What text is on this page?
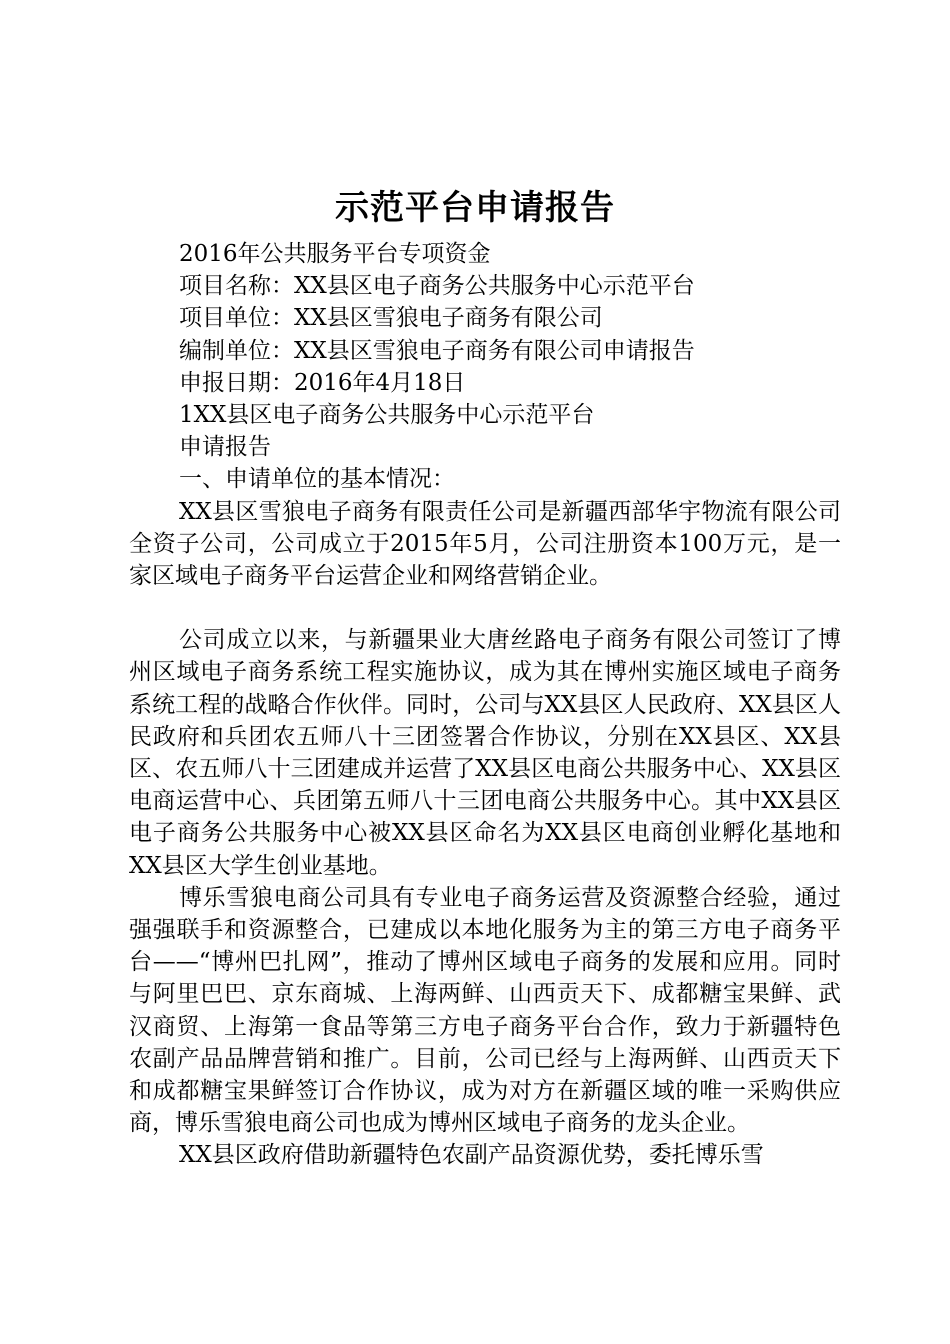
示范平台申请报告

2016年公共服务平台专项资金

项目名称：XX县区电子商务公共服务中心示范平台

项目单位：XX县区雪狼电子商务有限公司

编制单位：XX县区雪狼电子商务有限公司申请报告

申报日期：2016年4月18日

1XX县区电子商务公共服务中心示范平台

申请报告

一、申请单位的基本情况：

XX县区雪狼电子商务有限责任公司是新疆西部华宇物流有限公司全资子公司，公司成立于2015年5月，公司注册资本100万元，是一家区域电子商务平台运营企业和网络营销企业。

公司成立以来，与新疆果业大唐丝路电子商务有限公司签订了博州区域电子商务系统工程实施协议，成为其在博州实施区域电子商务系统工程的战略合作伙伴。同时，公司与XX县区人民政府、XX县区人民政府和兵团农五师八十三团签署合作协议，分别在XX县区、XX县区、农五师八十三团建成并运营了XX县区电商公共服务中心、XX县区电商运营中心、兵团第五师八十三团电商公共服务中心。其中XX县区电子商务公共服务中心被XX县区命名为XX县区电商创业孵化基地和XX县区大学生创业基地。

博乐雪狼电商公司具有专业电子商务运营及资源整合经验，通过强强联手和资源整合，已建成以本地化服务为主的第三方电子商务平台——“博州巴扎网”，推动了博州区域电子商务的发展和应用。同时与阿里巴巴、京东商城、上海两鲜、山西贡天下、成都糖宝果鲜、武汉商贸、上海第一食品等第三方电子商务平台合作，致力于新疆特色农副产品品牌营销和推广。目前，公司已经与上海两鲜、山西贡天下和成都糖宝果鲜签订合作协议，成为对方在新疆区域的唯一采购供应商，博乐雪狼电商公司也成为博州区域电子商务的龙头企业。

XX县区政府借助新疆特色农副产品资源优势，委托博乐雪
